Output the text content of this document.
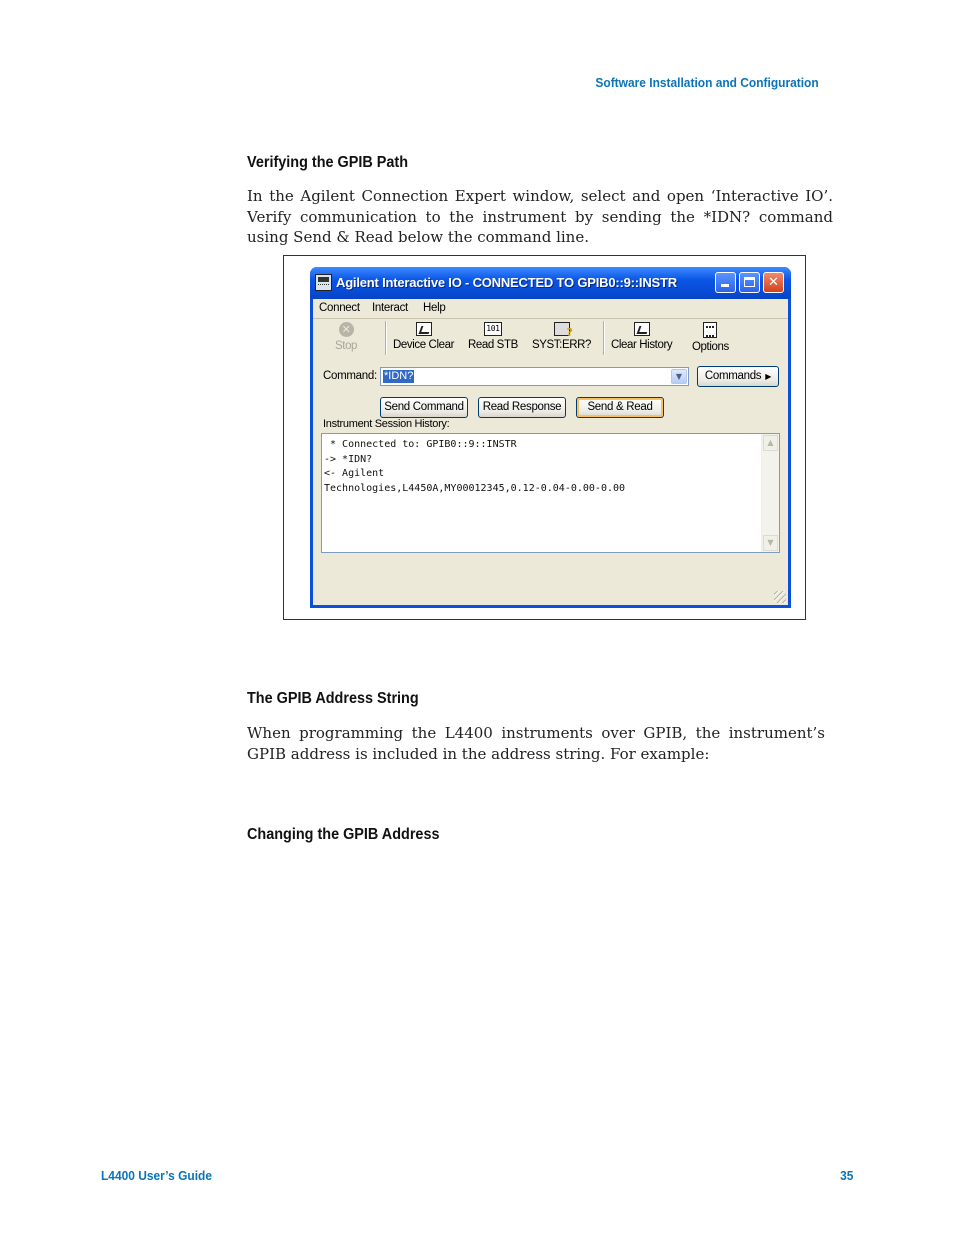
Software Installation and Configuration
Verifying the GPIB Path
In the Agilent Connection Expert window, select and open ‘Interactive IO’. Verify communication to the instrument by sending the *IDN? command using Send & Read below the command line.
Agilent Interactive IO - CONNECTED TO GPIB0::9::INSTR	✕
Connect Interact Help
✕
Stop	Device Clear
101
Read STB
? SYST:ERR? Clear History Options
Command: *IDN?	▼	Commands ▶
Send Command	Read Response	Send & Read
Instrument Session History:
* Connected to: GPIB0::9::INSTR
-> *IDN?
<- Agilent
Technologies,L4450A,MY00012345,0.12-0.04-0.00-0.00
▲
▼
The GPIB Address String
When programming the L4400 instruments over GPIB, the instrument’s GPIB address is included in the address string. For example:
Changing the GPIB Address
L4400 User’s Guide	35
